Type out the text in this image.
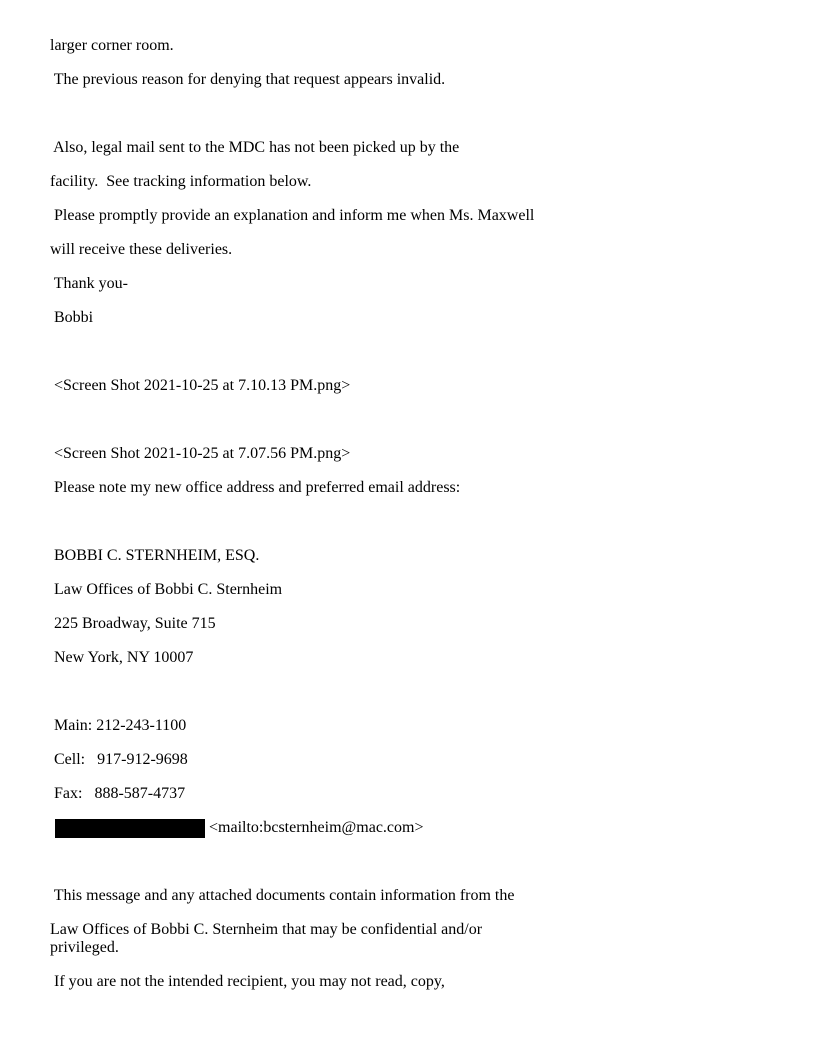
larger corner room.
The previous reason for denying that request appears invalid.
Also, legal mail sent to the MDC has not been picked up by the
facility.  See tracking information below.
Please promptly provide an explanation and inform me when Ms. Maxwell
will receive these deliveries.
Thank you-
Bobbi
<Screen Shot 2021-10-25 at 7.10.13 PM.png>
<Screen Shot 2021-10-25 at 7.07.56 PM.png>
Please note my new office address and preferred email address:
BOBBI C. STERNHEIM, ESQ.
Law Offices of Bobbi C. Sternheim
225 Broadway, Suite 715
New York, NY 10007
Main: 212-243-1100
Cell:   917-912-9698
Fax:   888-587-4737
<mailto:bcsternheim@mac.com>
This message and any attached documents contain information from the
Law Offices of Bobbi C. Sternheim that may be confidential and/or
privileged.
If you are not the intended recipient, you may not read, copy,
